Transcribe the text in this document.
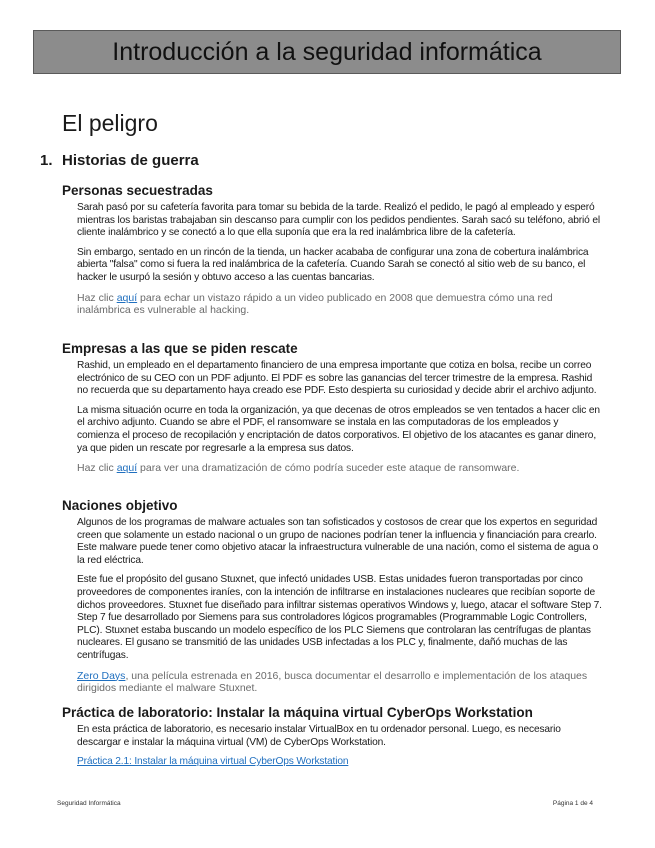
Introducción a la seguridad informática
El peligro
1. Historias de guerra
Personas secuestradas

Sarah pasó por su cafetería favorita para tomar su bebida de la tarde. Realizó el pedido, le pagó al empleado y esperó mientras los baristas trabajaban sin descanso para cumplir con los pedidos pendientes. Sarah sacó su teléfono, abrió el cliente inalámbrico y se conectó a lo que ella suponía que era la red inalámbrica libre de la cafetería.

Sin embargo, sentado en un rincón de la tienda, un hacker acababa de configurar una zona de cobertura inalámbrica abierta "falsa" como si fuera la red inalámbrica de la cafetería. Cuando Sarah se conectó al sitio web de su banco, el hacker le usurpó la sesión y obtuvo acceso a las cuentas bancarias.

Haz clic aquí para echar un vistazo rápido a un video publicado en 2008 que demuestra cómo una red inalámbrica es vulnerable al hacking.

Empresas a las que se piden rescate

Rashid, un empleado en el departamento financiero de una empresa importante que cotiza en bolsa, recibe un correo electrónico de su CEO con un PDF adjunto. El PDF es sobre las ganancias del tercer trimestre de la empresa. Rashid no recuerda que su departamento haya creado ese PDF. Esto despierta su curiosidad y decide abrir el archivo adjunto.

La misma situación ocurre en toda la organización, ya que decenas de otros empleados se ven tentados a hacer clic en el archivo adjunto. Cuando se abre el PDF, el ransomware se instala en las computadoras de los empleados y comienza el proceso de recopilación y encriptación de datos corporativos. El objetivo de los atacantes es ganar dinero, ya que piden un rescate por regresarle a la empresa sus datos.

Haz clic aquí para ver una dramatización de cómo podría suceder este ataque de ransomware.

Naciones objetivo

Algunos de los programas de malware actuales son tan sofisticados y costosos de crear que los expertos en seguridad creen que solamente un estado nacional o un grupo de naciones podrían tener la influencia y financiación para crearlo. Este malware puede tener como objetivo atacar la infraestructura vulnerable de una nación, como el sistema de agua o la red eléctrica.

Este fue el propósito del gusano Stuxnet, que infectó unidades USB. Estas unidades fueron transportadas por cinco proveedores de componentes iraníes, con la intención de infiltrarse en instalaciones nucleares que recibían soporte de dichos proveedores. Stuxnet fue diseñado para infiltrar sistemas operativos Windows y, luego, atacar el software Step 7. Step 7 fue desarrollado por Siemens para sus controladores lógicos programables (Programmable Logic Controllers, PLC). Stuxnet estaba buscando un modelo específico de los PLC Siemens que controlaran las centrífugas de plantas nucleares. El gusano se transmitió de las unidades USB infectadas a los PLC y, finalmente, dañó muchas de las centrífugas.

Zero Days, una película estrenada en 2016, busca documentar el desarrollo e implementación de los ataques dirigidos mediante el malware Stuxnet.

Práctica de laboratorio: Instalar la máquina virtual CyberOps Workstation

En esta práctica de laboratorio, es necesario instalar VirtualBox en tu ordenador personal. Luego, es necesario descargar e instalar la máquina virtual (VM) de CyberOps Workstation.

Práctica 2.1: Instalar la máquina virtual CyberOps Workstation

Seguridad Informática	Página 1 de 4
